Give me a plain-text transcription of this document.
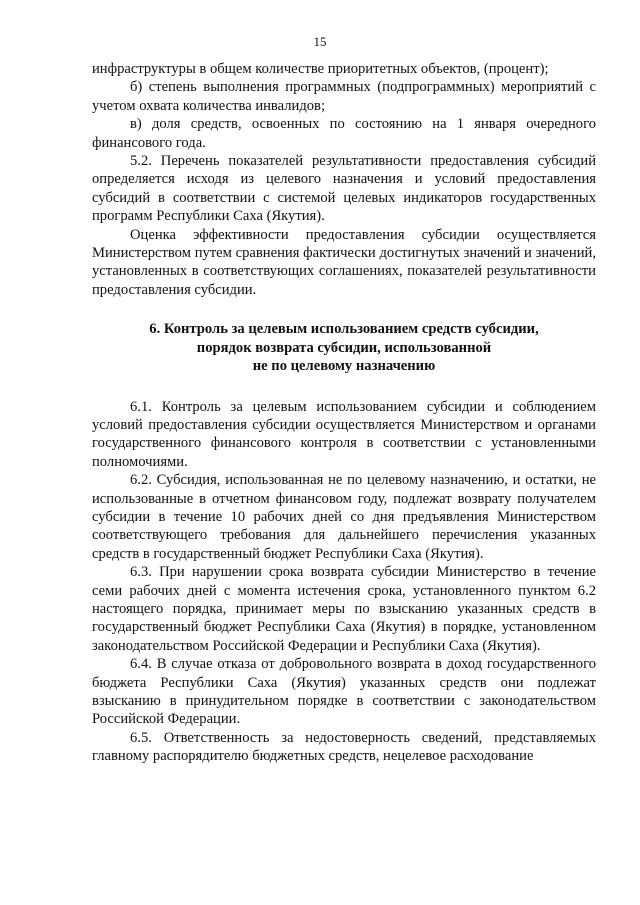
15

инфраструктуры в общем количестве приоритетных объектов, (процент);

б) степень выполнения программных (подпрограммных) мероприятий с учетом охвата количества инвалидов;

в) доля средств, освоенных по состоянию на 1 января очередного финансового года.

5.2. Перечень показателей результативности предоставления субсидий определяется исходя из целевого назначения и условий предоставления субсидий в соответствии с системой целевых индикаторов государственных программ Республики Саха (Якутия).

Оценка эффективности предоставления субсидии осуществляется Министерством путем сравнения фактически достигнутых значений и значений, установленных в соответствующих соглашениях, показателей результативности предоставления субсидии.

6. Контроль за целевым использованием средств субсидии,
порядок возврата субсидии, использованной
не по целевому назначению

6.1. Контроль за целевым использованием субсидии и соблюдением условий предоставления субсидии осуществляется Министерством и органами государственного финансового контроля в соответствии с установленными полномочиями.

6.2. Субсидия, использованная не по целевому назначению, и остатки, не использованные в отчетном финансовом году, подлежат возврату получателем субсидии в течение 10 рабочих дней со дня предъявления Министерством соответствующего требования для дальнейшего перечисления указанных средств в государственный бюджет Республики Саха (Якутия).

6.3. При нарушении срока возврата субсидии Министерство в течение семи рабочих дней с момента истечения срока, установленного пунктом 6.2 настоящего порядка, принимает меры по взысканию указанных средств в государственный бюджет Республики Саха (Якутия) в порядке, установленном законодательством Российской Федерации и Республики Саха (Якутия).

6.4. В случае отказа от добровольного возврата в доход государственного бюджета Республики Саха (Якутия) указанных средств они подлежат взысканию в принудительном порядке в соответствии с законодательством Российской Федерации.

6.5. Ответственность за недостоверность сведений, представляемых главному распорядителю бюджетных средств, нецелевое расходование
